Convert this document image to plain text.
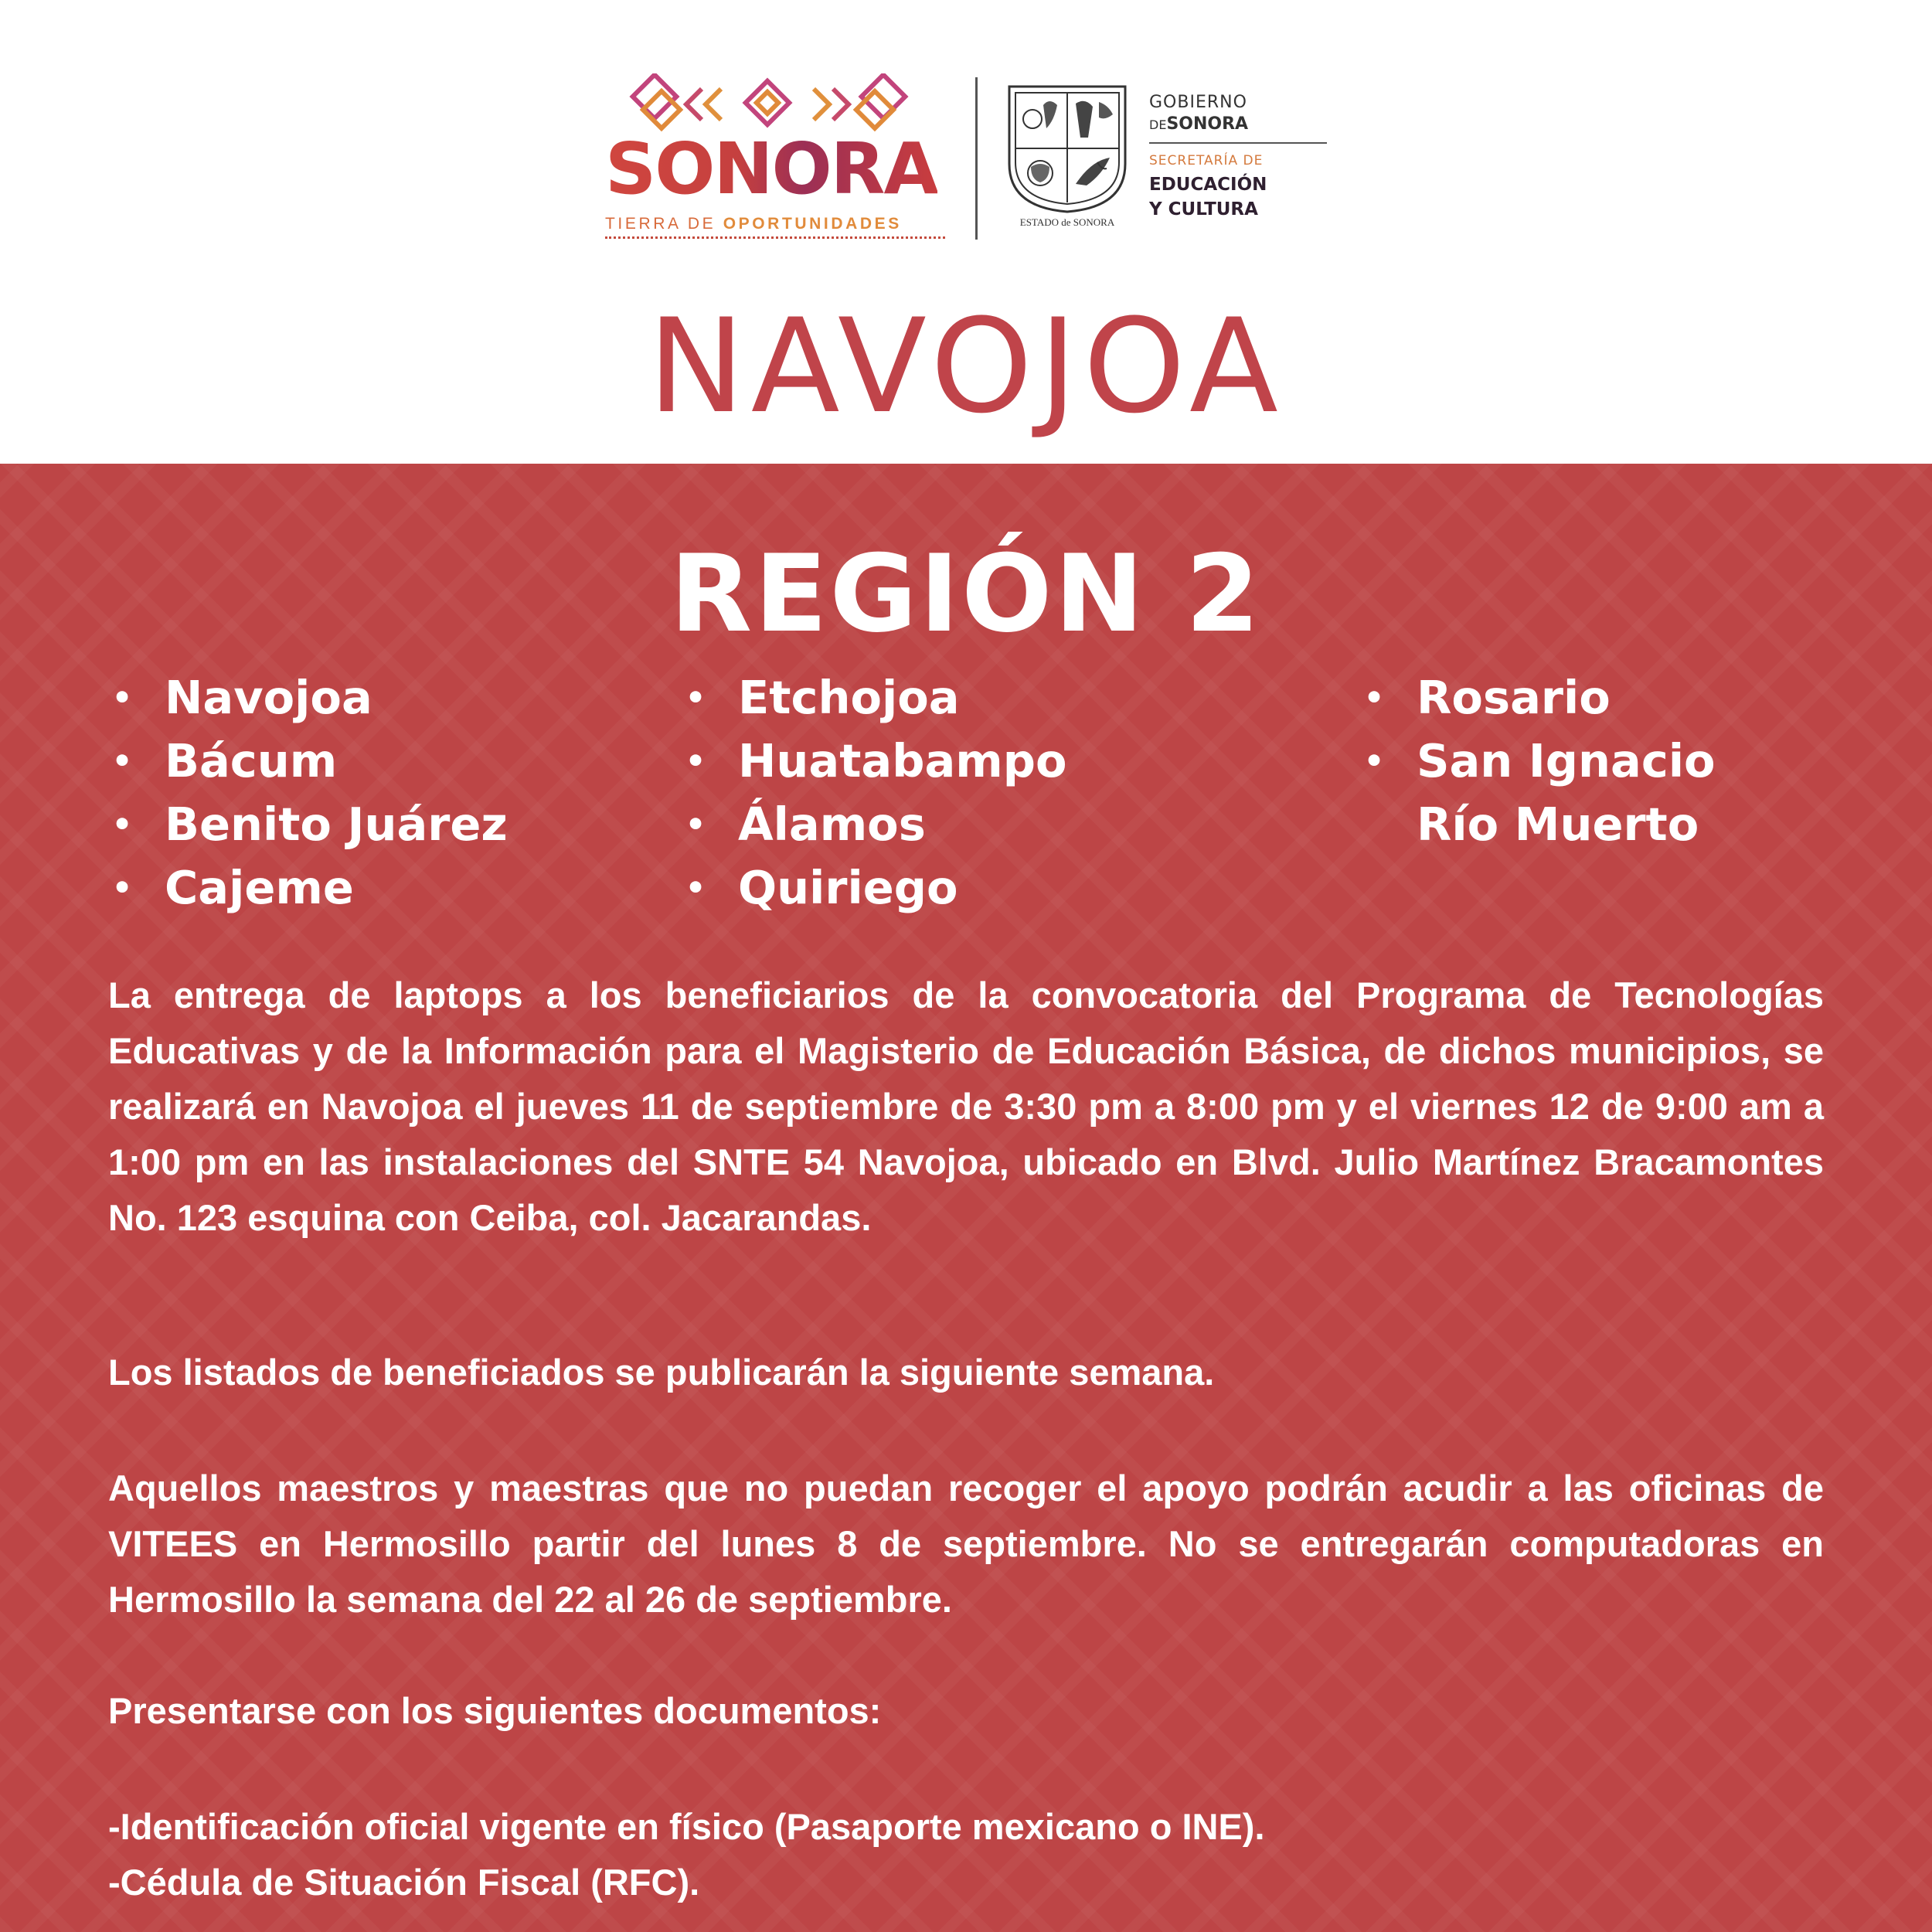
SONORA
TIERRA DE OPORTUNIDADES	ESTADO de SONORA
GOBIERNO
DESONORA
SECRETARÍA DE
EDUCACIÓN
Y CULTURA
NAVOJOA
REGIÓN 2
• Navojoa
• Bácum
• Benito Juárez
• Cajeme
• Etchojoa
• Huatabampo
• Álamos
• Quiriego
• Rosario
• San Ignacio
Río Muerto

La entrega de laptops a los beneficiarios de la convocatoria del Programa de Tecnologías Educativas y de la Información para el Magisterio de Educación Básica, de dichos municipios, se realizará en Navojoa el jueves 11 de septiembre de 3:30 pm a 8:00 pm y el viernes 12 de 9:00 am a 1:00 pm en las instalaciones del SNTE 54 Navojoa, ubicado en Blvd. Julio Martínez Bracamontes No. 123 esquina con Ceiba, col. Jacarandas.

Los listados de beneficiados se publicarán la siguiente semana.

Aquellos maestros y maestras que no puedan recoger el apoyo podrán acudir a las oficinas de VITEES en Hermosillo partir del lunes 8 de septiembre. No se entregarán computadoras en Hermosillo la semana del 22 al 26 de septiembre.

Presentarse con los siguientes documentos:

-Identificación oficial vigente en físico (Pasaporte mexicano o INE).

-Cédula de Situación Fiscal (RFC).
